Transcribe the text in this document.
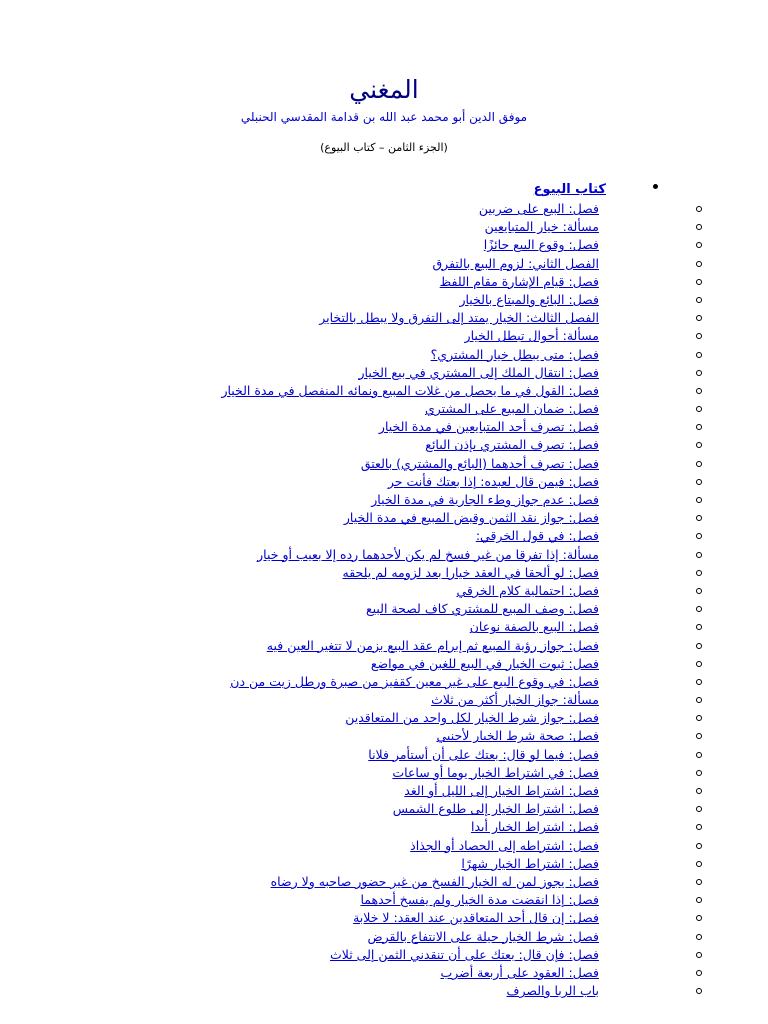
المغني
موفق الدين أبو محمد عبد الله بن قدامة المقدسي الحنبلي
(الجزء الثامن – كتاب البيوع)
كتاب البيوع
فصل: البيع على ضربين
مسألة: خيار المتبايعين
فصل: وقوع البيع جائزًا
الفصل الثاني: لزوم البيع بالتفرق
فصل: قيام الإشارة مقام اللفظ
فصل: البائع والمبتاع بالخيار
الفصل الثالث: الخيار يمتد إلى التفرق ولا يبطل بالتخاير
مسألة: أحوال تبطل الخيار
فصل: متى يبطل خيار المشتري؟
فصل: انتقال الملك إلى المشتري في بيع الخيار
فصل: القول في ما يحصل من غلات المبيع ونمائه المنفصل في مدة الخيار
فصل: ضمان المبيع على المشتري
فصل: تصرف أحد المتبايعين في مدة الخيار
فصل: تصرف المشتري بإذن البائع
فصل: تصرف أحدهما (البائع والمشتري) بالعتق
فصل: فيمن قال لعبده: إذا بعتك فأنت حر
فصل: عدم جواز وطء الجارية في مدة الخيار
فصل: جواز نقد الثمن وقبض المبيع في مدة الخيار
فصل: في قول الخرقي:
مسألة: إذا تفرقا من غير فسخ لم يكن لأحدهما رده إلا بعيب أو خيار
فصل: لو ألحقا في العقد خيارا بعد لزومه لم يلحقه
فصل: احتمالية كلام الخرقي
فصل: وصف المبيع للمشتري كاف لصحة البيع
فصل: البيع بالصفة نوعان
فصل: جواز رؤية المبيع ثم إبرام عقد البيع بزمن لا تتغير العين فيه
فصل: ثبوت الخيار في البيع للغبن في مواضع
فصل: في وقوع البيع على غير معين كقفيز من صبرة ورطل زيت من دن
مسألة: جواز الخيار أكثر من ثلاث
فصل: جواز شرط الخيار لكل واحد من المتعاقدين
فصل: صحة شرط الخيار لأجنبي
فصل: فيما لو قال: بعتك على أن أستأمر فلانا
فصل: في اشتراط الخيار يوما أو ساعات
فصل: اشتراط الخيار إلى الليل أو الغد
فصل: اشتراط الخيار إلى طلوع الشمس
فصل: اشتراط الخيار أبدا
فصل: اشتراطه إلى الحصاد أو الجذاذ
فصل: اشتراط الخيار شهرًا
فصل: يجوز لمن له الخيار الفسخ من غير حضور صاحبه ولا رضاه
فصل: إذا انقضت مدة الخيار ولم يفسخ أحدهما
فصل: إن قال أحد المتعاقدين عند العقد: لا خلابة
فصل: شرط الخيار حيلة على الانتفاع بالقرض
فصل: فإن قال: بعتك على أن تنقدني الثمن إلى ثلاث
فصل: العقود على أربعة أضرب
باب الربا والصرف
